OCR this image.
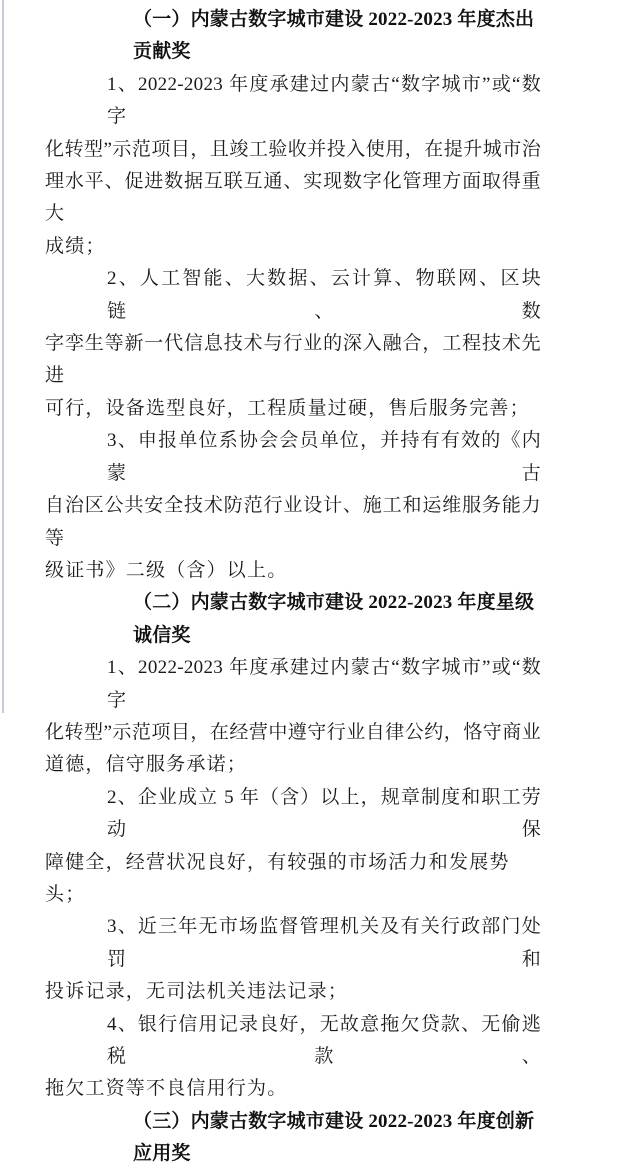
（一）内蒙古数字城市建设 2022-2023 年度杰出贡献奖
1、2022-2023 年度承建过内蒙古“数字城市”或“数字
化转型”示范项目，且竣工验收并投入使用，在提升城市治
理水平、促进数据互联互通、实现数字化管理方面取得重大
成绩；
2、人工智能、大数据、云计算、物联网、区块链、数
字孪生等新一代信息技术与行业的深入融合，工程技术先进
可行，设备选型良好，工程质量过硬，售后服务完善；
3、申报单位系协会会员单位，并持有有效的《内蒙古
自治区公共安全技术防范行业设计、施工和运维服务能力等
级证书》二级（含）以上。
（二）内蒙古数字城市建设 2022-2023 年度星级诚信奖
1、2022-2023 年度承建过内蒙古“数字城市”或“数字
化转型”示范项目，在经营中遵守行业自律公约，恪守商业
道德，信守服务承诺；
2、企业成立 5 年（含）以上，规章制度和职工劳动保
障健全，经营状况良好，有较强的市场活力和发展势头；
3、近三年无市场监督管理机关及有关行政部门处罚和
投诉记录，无司法机关违法记录；
4、银行信用记录良好，无故意拖欠贷款、无偷逃税款、
拖欠工资等不良信用行为。
（三）内蒙古数字城市建设 2022-2023 年度创新应用奖
